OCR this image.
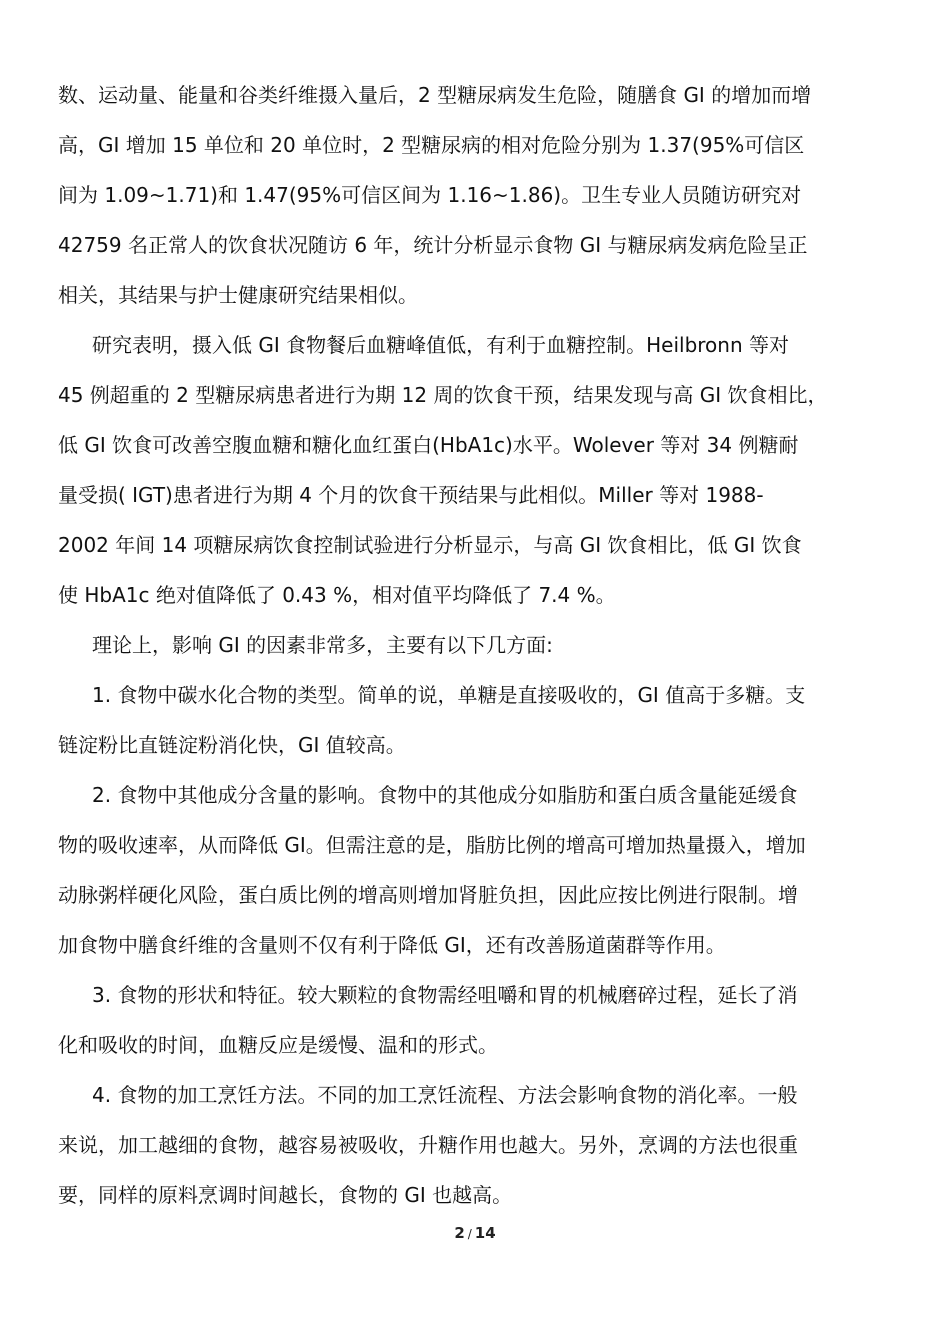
数、运动量、能量和谷类纤维摄入量后，2 型糖尿病发生危险，随膳食 GI 的增加而增
高，GI 增加 15 单位和 20 单位时，2 型糖尿病的相对危险分别为 1.37(95%可信区
间为 1.09~1.71)和 1.47(95%可信区间为 1.16~1.86)。卫生专业人员随访研究对
42759 名正常人的饮食状况随访 6 年，统计分析显示食物 GI 与糖尿病发病危险呈正
相关，其结果与护士健康研究结果相似。
研究表明，摄入低 GI 食物餐后血糖峰值低，有利于血糖控制。Heilbronn 等对
45 例超重的 2 型糖尿病患者进行为期 12 周的饮食干预，结果发现与高 GI 饮食相比，
低 GI 饮食可改善空腹血糖和糖化血红蛋白(HbA1c)水平。Wolever 等对 34 例糖耐
量受损( IGT)患者进行为期 4 个月的饮食干预结果与此相似。Miller 等对 1988-
2002 年间 14 项糖尿病饮食控制试验进行分析显示，与高 GI 饮食相比，低 GI 饮食
使 HbA1c 绝对值降低了 0.43 %，相对值平均降低了 7.4 %。
理论上，影响 GI 的因素非常多，主要有以下几方面:
1. 食物中碳水化合物的类型。简单的说，单糖是直接吸收的，GI 值高于多糖。支
链淀粉比直链淀粉消化快，GI 值较高。
2. 食物中其他成分含量的影响。食物中的其他成分如脂肪和蛋白质含量能延缓食
物的吸收速率，从而降低 GI。但需注意的是，脂肪比例的增高可增加热量摄入，增加
动脉粥样硬化风险，蛋白质比例的增高则增加肾脏负担，因此应按比例进行限制。增
加食物中膳食纤维的含量则不仅有利于降低 GI，还有改善肠道菌群等作用。
3. 食物的形状和特征。较大颗粒的食物需经咀嚼和胃的机械磨碎过程，延长了消
化和吸收的时间，血糖反应是缓慢、温和的形式。
4. 食物的加工烹饪方法。不同的加工烹饪流程、方法会影响食物的消化率。一般
来说，加工越细的食物，越容易被吸收，升糖作用也越大。另外，烹调的方法也很重
要，同样的原料烹调时间越长，食物的 GI 也越高。
2 / 14
